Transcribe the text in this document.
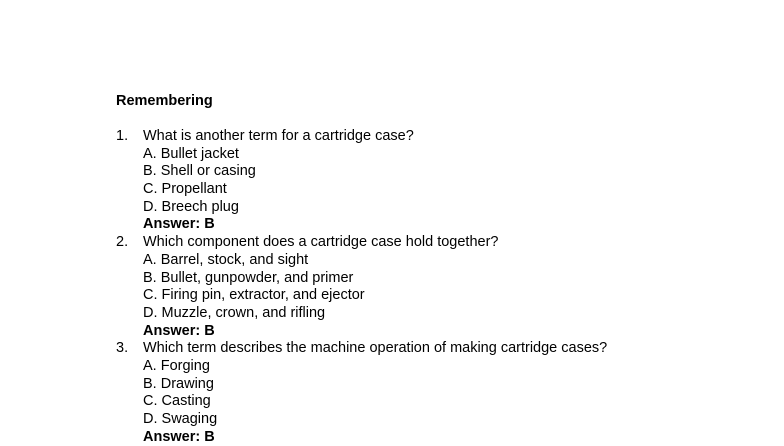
Remembering
1. What is another term for a cartridge case?
A. Bullet jacket
B. Shell or casing
C. Propellant
D. Breech plug
Answer: B
2. Which component does a cartridge case hold together?
A. Barrel, stock, and sight
B. Bullet, gunpowder, and primer
C. Firing pin, extractor, and ejector
D. Muzzle, crown, and rifling
Answer: B
3. Which term describes the machine operation of making cartridge cases?
A. Forging
B. Drawing
C. Casting
D. Swaging
Answer: B
